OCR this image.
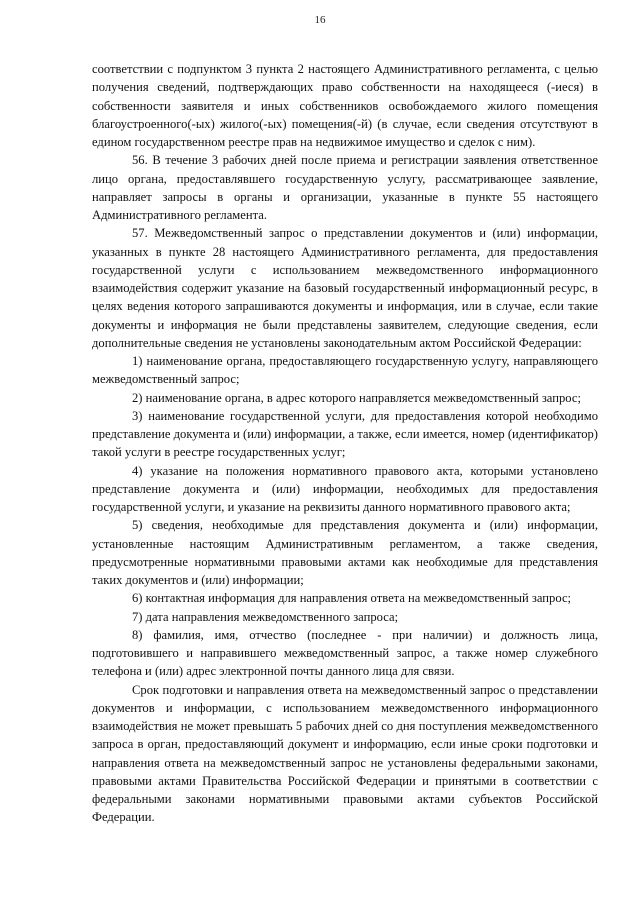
16

соответствии с подпунктом 3 пункта 2 настоящего Административного регламента, с целью получения сведений, подтверждающих право собственности на находящееся (-иеся) в собственности заявителя и иных собственников освобождаемого жилого помещения благоустроенного(-ых) жилого(-ых) помещения(-й) (в случае, если сведения отсутствуют в едином государственном реестре прав на недвижимое имущество и сделок с ним).

56. В течение 3 рабочих дней после приема и регистрации заявления ответственное лицо органа, предоставлявшего государственную услугу, рассматривающее заявление, направляет запросы в органы и организации, указанные в пункте 55 настоящего Административного регламента.

57. Межведомственный запрос о представлении документов и (или) информации, указанных в пункте 28 настоящего Административного регламента, для предоставления государственной услуги с использованием межведомственного информационного взаимодействия содержит указание на базовый государственный информационный ресурс, в целях ведения которого запрашиваются документы и информация, или в случае, если такие документы и информация не были представлены заявителем, следующие сведения, если дополнительные сведения не установлены законодательным актом Российской Федерации:

1) наименование органа, предоставляющего государственную услугу, направляющего межведомственный запрос;

2) наименование органа, в адрес которого направляется межведомственный запрос;

3) наименование государственной услуги, для предоставления которой необходимо представление документа и (или) информации, а также, если имеется, номер (идентификатор) такой услуги в реестре государственных услуг;

4) указание на положения нормативного правового акта, которыми установлено представление документа и (или) информации, необходимых для предоставления государственной услуги, и указание на реквизиты данного нормативного правового акта;

5) сведения, необходимые для представления документа и (или) информации, установленные настоящим Административным регламентом, а также сведения, предусмотренные нормативными правовыми актами как необходимые для представления таких документов и (или) информации;

6) контактная информация для направления ответа на межведомственный запрос;

7) дата направления межведомственного запроса;

8) фамилия, имя, отчество (последнее - при наличии) и должность лица, подготовившего и направившего межведомственный запрос, а также номер служебного телефона и (или) адрес электронной почты данного лица для связи.

Срок подготовки и направления ответа на межведомственный запрос о представлении документов и информации, с использованием межведомственного информационного взаимодействия не может превышать 5 рабочих дней со дня поступления межведомственного запроса в орган, предоставляющий документ и информацию, если иные сроки подготовки и направления ответа на межведомственный запрос не установлены федеральными законами, правовыми актами Правительства Российской Федерации и принятыми в соответствии с федеральными законами нормативными правовыми актами субъектов Российской Федерации.
